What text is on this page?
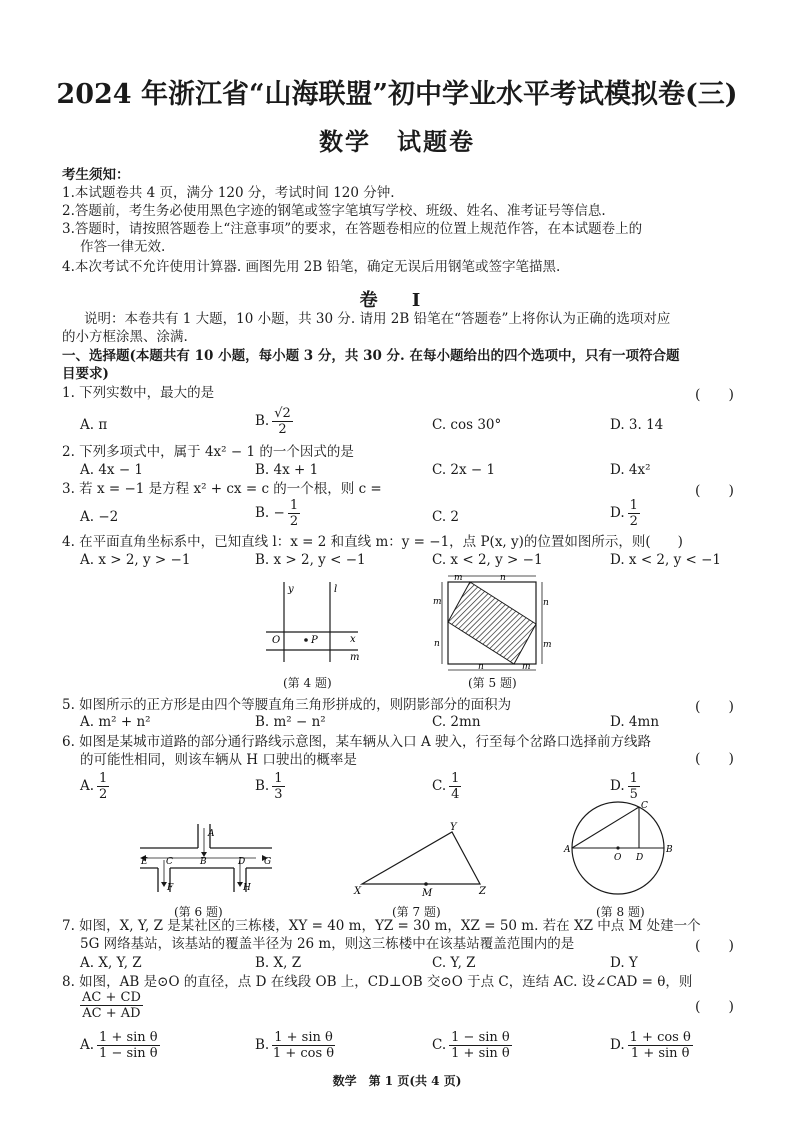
2024 年浙江省“山海联盟”初中学业水平考试模拟卷(三)
数学　试题卷
考生须知：
1.本试题卷共 4 页，满分 120 分，考试时间 120 分钟.
2.答题前，考生务必使用黑色字迹的钢笔或签字笔填写学校、班级、姓名、准考证号等信息.
3.答题时，请按照答题卷上“注意事项”的要求，在答题卷相应的位置上规范作答，在本试题卷上的
作答一律无效.
4.本次考试不允许使用计算器. 画图先用 2B 铅笔，确定无误后用钢笔或签字笔描黑.
卷 Ⅰ
说明：本卷共有 1 大题，10 小题，共 30 分. 请用 2B 铅笔在“答题卷”上将你认为正确的选项对应
的小方框涂黑、涂满.
一、选择题(本题共有 10 小题，每小题 3 分，共 30 分. 在每小题给出的四个选项中，只有一项符合题
目要求)
1. 下列实数中，最大的是	(　　)
A. π	B. $\frac{√2}{2}$	C. cos 30°	D. 3. 14
2. 下列多项式中，属于 4x² − 1 的一个因式的是
A. 4x − 1	B. 4x + 1	C. 2x − 1	D. 4x²
3. 若 x = −1 是方程 x² + cx = c 的一个根，则 c =	(　　)
A. −2	B. − $\frac{1}{2}$	C. 2	D. $\frac{1}{2}$
4. 在平面直角坐标系中，已知直线 l：x = 2 和直线 m：y = −1，点 P(x, y)的位置如图所示，则(　　)
A. x > 2, y > −1	B. x > 2, y < −1	C. x < 2, y > −1	D. x < 2, y < −1
y	l
O	P	x
m
(第 4 题)
m	n
m
n
n
m
n	m
(第 5 题)
5. 如图所示的正方形是由四个等腰直角三角形拼成的，则阴影部分的面积为	(　　)
A. m² + n²	B. m² − n²	C. 2mn	D. 4mn
6. 如图是某城市道路的部分通行路线示意图，某车辆从入口 A 驶入，行至每个岔路口选择前方线路
的可能性相同，则该车辆从 H 口驶出的概率是	(　　)
A. $\frac{1}{2}$	B. $\frac{1}{3}$	C. $\frac{1}{4}$	D. $\frac{1}{5}$
A
B
C	D
E
F
G
H
(第 6 题)
X
Y
Z
M
(第 7 题)
A	B
C
D
O
(第 8 题)
7. 如图，X, Y, Z 是某社区的三栋楼，XY = 40 m，YZ = 30 m，XZ = 50 m. 若在 XZ 中点 M 处建一个
5G 网络基站，该基站的覆盖半径为 26 m，则这三栋楼中在该基站覆盖范围内的是	(　　)
A. X, Y, Z	B. X, Z	C. Y, Z	D. Y
8. 如图，AB 是⊙O 的直径，点 D 在线段 OB 上，CD⊥OB 交⊙O 于点 C，连结 AC. 设∠CAD = θ，则
$\frac{AC + CD}{AC + AD}$	(　　)
A. $\frac{\text{1 + sin θ}}{\text{1 − sin θ}}$	B. $\frac{\text{1 + sin θ}}{\text{1 + cos θ}}$	C. $\frac{\text{1 − sin θ}}{\text{1 + sin θ}}$	D. $\frac{\text{1 + cos θ}}{\text{1 + sin θ}}$
数学　第 1 页(共 4 页)
